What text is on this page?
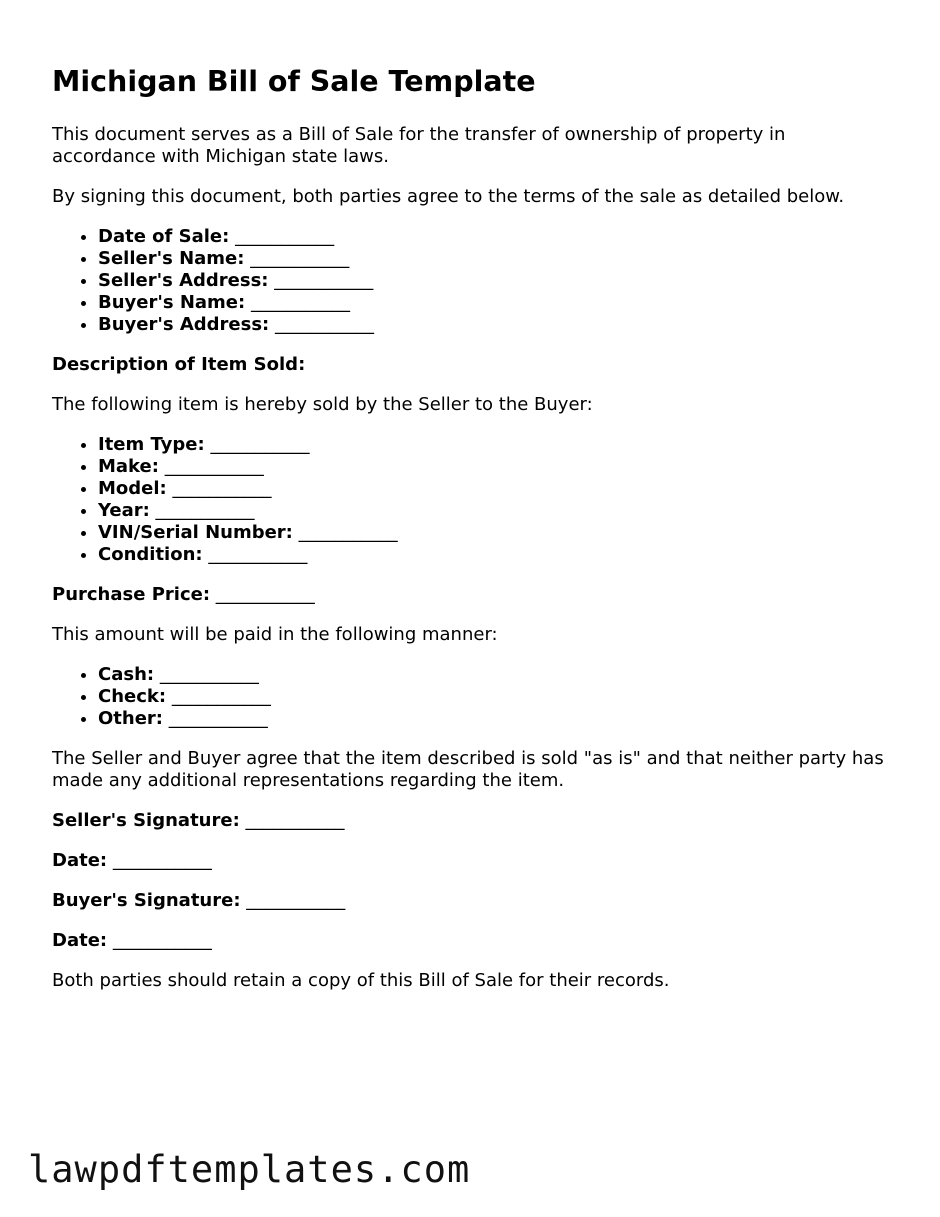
Michigan Bill of Sale Template

This document serves as a Bill of Sale for the transfer of ownership of property in accordance with Michigan state laws.

By signing this document, both parties agree to the terms of the sale as detailed below.

• Date of Sale: ___________
• Seller's Name: ___________
• Seller's Address: ___________
• Buyer's Name: ___________
• Buyer's Address: ___________

Description of Item Sold:

The following item is hereby sold by the Seller to the Buyer:

• Item Type: ___________
• Make: ___________
• Model: ___________
• Year: ___________
• VIN/Serial Number: ___________
• Condition: ___________

Purchase Price: ___________

This amount will be paid in the following manner:

• Cash: ___________
• Check: ___________
• Other: ___________

The Seller and Buyer agree that the item described is sold "as is" and that neither party has made any additional representations regarding the item.

Seller's Signature: ___________

Date: ___________

Buyer's Signature: ___________

Date: ___________

Both parties should retain a copy of this Bill of Sale for their records.

lawpdftemplates.com
